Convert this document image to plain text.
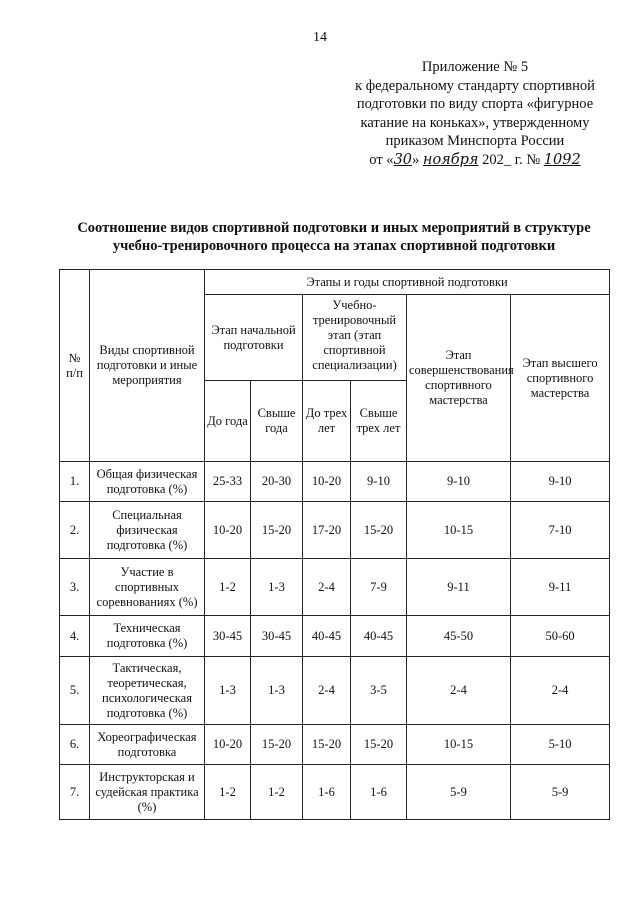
14
Приложение № 5
к федеральному стандарту спортивной
подготовки по виду спорта «фигурное
катание на коньках», утвержденному
приказом Минспорта России
от «30» ноября 202_ г. № 1092
Соотношение видов спортивной подготовки и иных мероприятий в структуре
учебно-тренировочного процесса на этапах спортивной подготовки
№ п/п	Виды спортивной подготовки и иные мероприятия	Этапы и годы спортивной подготовки					
		Этап начальной подготовки		Учебно-тренировочный этап (этап спортивной специализации)		Этап совершенствования спортивного мастерства	Этап высшего спортивного мастерства
		До года	Свыше года	До трех лет	Свыше трех лет		
1.	Общая физическая подготовка (%)	25-33	20-30	10-20	9-10	9-10	9-10
2.	Специальная физическая подготовка (%)	10-20	15-20	17-20	15-20	10-15	7-10
3.	Участие в спортивных соревнованиях (%)	1-2	1-3	2-4	7-9	9-11	9-11
4.	Техническая подготовка (%)	30-45	30-45	40-45	40-45	45-50	50-60
5.	Тактическая, теоретическая, психологическая подготовка (%)	1-3	1-3	2-4	3-5	2-4	2-4
6.	Хореографическая подготовка	10-20	15-20	15-20	15-20	10-15	5-10
7.	Инструкторская и судейская практика (%)	1-2	1-2	1-6	1-6	5-9	5-9
